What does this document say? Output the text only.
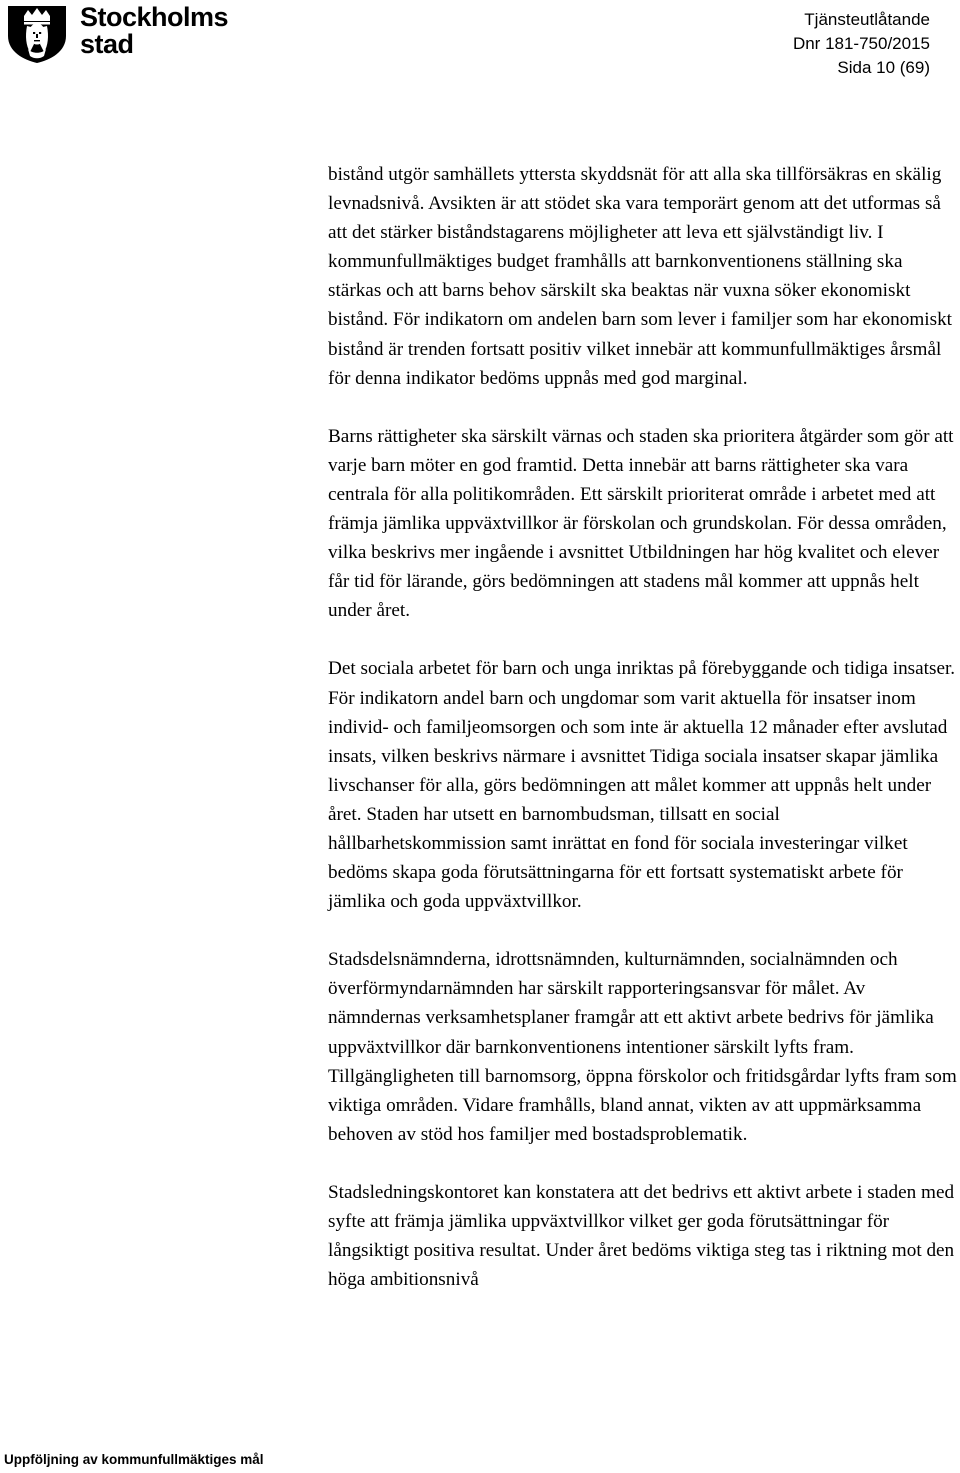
Stockholms
stad
Tjänsteutlåtande
Dnr 181-750/2015
Sida 10 (69)

bistånd utgör samhällets yttersta skyddsnät för att alla ska tillförsäkras en skälig levnadsnivå. Avsikten är att stödet ska vara temporärt genom att det utformas så att det stärker biståndstagarens möjligheter att leva ett självständigt liv. I kommunfullmäktiges budget framhålls att barnkonventionens ställning ska stärkas och att barns behov särskilt ska beaktas när vuxna söker ekonomiskt bistånd. För indikatorn om andelen barn som lever i familjer som har ekonomiskt bistånd är trenden fortsatt positiv vilket innebär att kommunfullmäktiges årsmål för denna indikator bedöms uppnås med god marginal.

Barns rättigheter ska särskilt värnas och staden ska prioritera åtgärder som gör att varje barn möter en god framtid. Detta innebär att barns rättigheter ska vara centrala för alla politikområden. Ett särskilt prioriterat område i arbetet med att främja jämlika uppväxtvillkor är förskolan och grundskolan. För dessa områden, vilka beskrivs mer ingående i avsnittet Utbildningen har hög kvalitet och elever får tid för lärande, görs bedömningen att stadens mål kommer att uppnås helt under året.

Det sociala arbetet för barn och unga inriktas på förebyggande och tidiga insatser. För indikatorn andel barn och ungdomar som varit aktuella för insatser inom individ- och familjeomsorgen och som inte är aktuella 12 månader efter avslutad insats, vilken beskrivs närmare i avsnittet Tidiga sociala insatser skapar jämlika livschanser för alla, görs bedömningen att målet kommer att uppnås helt under året. Staden har utsett en barnombudsman, tillsatt en social hållbarhetskommission samt inrättat en fond för sociala investeringar vilket bedöms skapa goda förutsättningarna för ett fortsatt systematiskt arbete för jämlika och goda uppväxtvillkor.

Stadsdelsnämnderna, idrottsnämnden, kulturnämnden, socialnämnden och överförmyndarnämnden har särskilt rapporteringsansvar för målet. Av nämndernas verksamhetsplaner framgår att ett aktivt arbete bedrivs för jämlika uppväxtvillkor där barnkonventionens intentioner särskilt lyfts fram. Tillgängligheten till barnomsorg, öppna förskolor och fritidsgårdar lyfts fram som viktiga områden. Vidare framhålls, bland annat, vikten av att uppmärksamma behoven av stöd hos familjer med bostadsproblematik.

Stadsledningskontoret kan konstatera att det bedrivs ett aktivt arbete i staden med syfte att främja jämlika uppväxtvillkor vilket ger goda förutsättningar för långsiktigt positiva resultat. Under året bedöms viktiga steg tas i riktning mot den höga ambitionsnivå

Uppföljning av kommunfullmäktiges mål
